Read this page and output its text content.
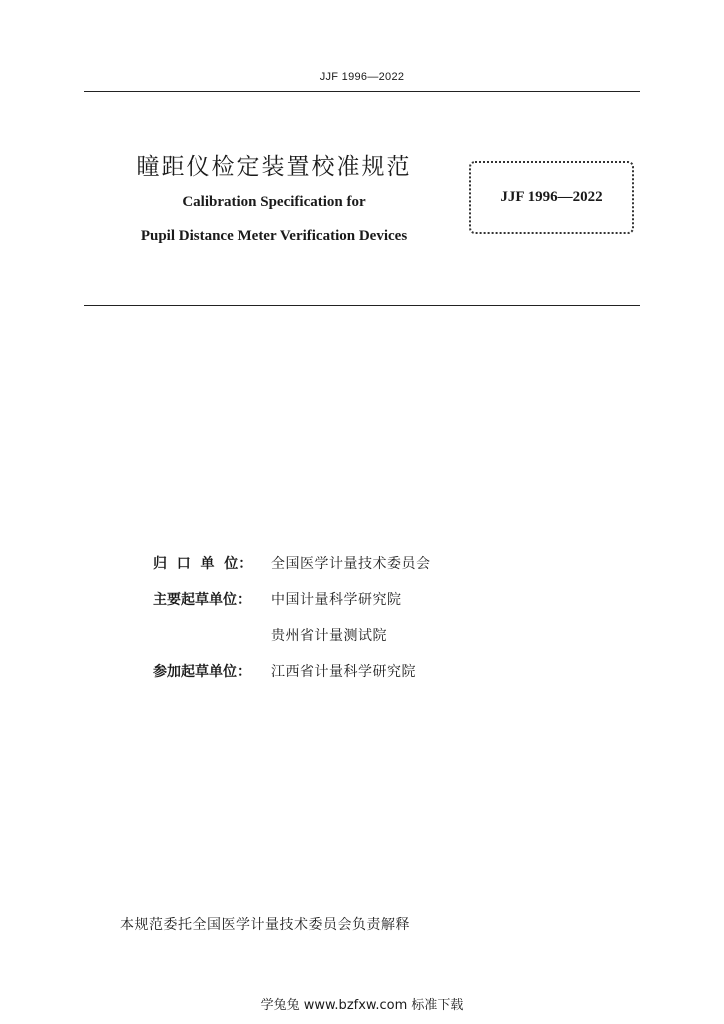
JJF 1996—2022
瞳距仪检定装置校准规范
Calibration Specification for
Pupil Distance Meter Verification Devices
JJF 1996—2022
归  口  单  位：	全国医学计量技术委员会
主要起草单位：	中国计量科学研究院
贵州省计量测试院
参加起草单位：	江西省计量科学研究院
本规范委托全国医学计量技术委员会负责解释
学兔兔 www.bzfxw.com 标准下载
